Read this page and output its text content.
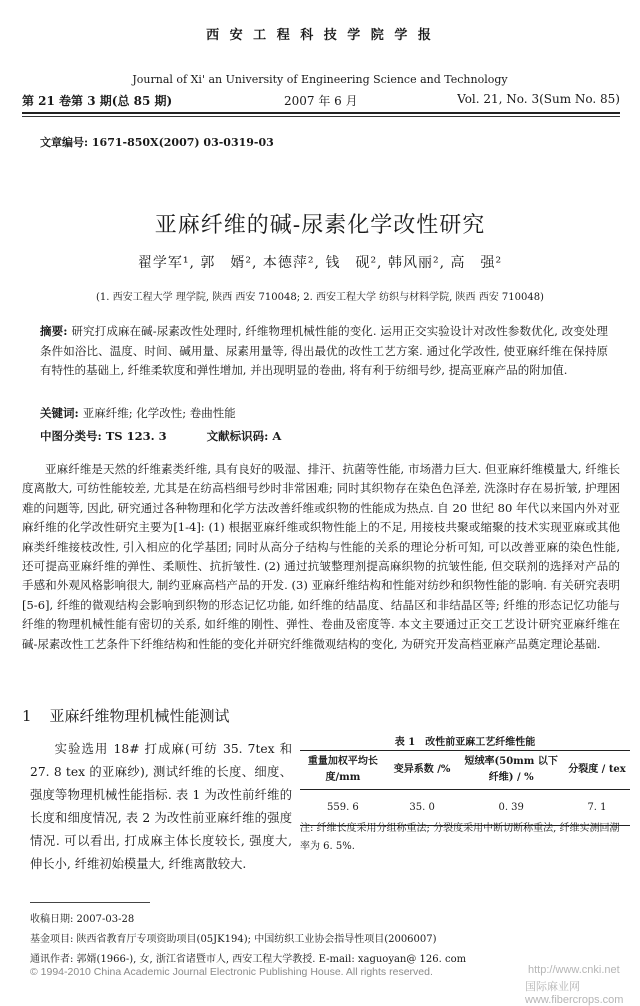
西 安 工 程 科 技 学 院 学 报
Journal of Xi' an University of Engineering Science and Technology
第 21 卷第 3 期(总 85 期)	2007 年 6 月	Vol. 21, No. 3(Sum No. 85)
文章编号: 1671-850X(2007) 03-0319-03
亚麻纤维的碱-尿素化学改性研究
翟学军¹, 郭　婿², 本德萍², 钱　砚², 韩风丽², 高　强²
(1. 西安工程大学 理学院, 陕西 西安 710048; 2. 西安工程大学 纺织与材料学院, 陕西 西安 710048)
摘要: 研究打成麻在碱-尿素改性处理时, 纤维物理机械性能的变化. 运用正交实验设计对改性参数优化, 改变处理条件如浴比、温度、时间、碱用量、尿素用量等, 得出最优的改性工艺方案. 通过化学改性, 使亚麻纤维在保持原有特性的基础上, 纤维柔软度和弹性增加, 并出现明显的卷曲, 将有利于纺细号纱, 提高亚麻产品的附加值.
关键词: 亚麻纤维; 化学改性; 卷曲性能
中图分类号: TS 123. 3	文献标识码: A
亚麻纤维是天然的纤维素类纤维, 具有良好的吸湿、排汗、抗菌等性能, 市场潜力巨大. 但亚麻纤维模量大, 纤维长度离散大, 可纺性能较差, 尤其是在纺高档细号纱时非常困难; 同时其织物存在染色色泽差, 洗涤时存在易折皱, 护理困难的问题等, 因此, 研究通过各种物理和化学方法改善纤维或织物的性能成为热点. 自 20 世纪 80 年代以来国内外对亚麻纤维的化学改性研究主要为[1-4]: (1) 根据亚麻纤维或织物性能上的不足, 用接枝共聚或缩聚的技术实现亚麻或其他麻类纤维接枝改性, 引入相应的化学基团; 同时从高分子结构与性能的关系的理论分析可知, 可以改善亚麻的染色性能, 还可提高亚麻纤维的弹性、柔顺性、抗折皱性. (2) 通过抗皱整理剂提高麻织物的抗皱性能, 但交联剂的选择对产品的手感和外观风格影响很大, 制约亚麻高档产品的开发. (3) 亚麻纤维结构和性能对纺纱和织物性能的影响. 有关研究表明[5-6], 纤维的微观结构会影响到织物的形态记忆功能, 如纤维的结晶度、结晶区和非结晶区等; 纤维的形态记忆功能与纤维的物理机械性能有密切的关系, 如纤维的刚性、弹性、卷曲及密度等. 本文主要通过正交工艺设计研究亚麻纤维在碱-尿素改性工艺条件下纤维结构和性能的变化并研究纤维微观结构的变化, 为研究开发高档亚麻产品奠定理论基础.
1 亚麻纤维物理机械性能测试
实验选用 18# 打成麻(可纺 35. 7tex 和 27. 8 tex 的亚麻纱), 测试纤维的长度、细度、强度等物理机械性能指标. 表 1 为改性前纤维的长度和细度情况, 表 2 为改性前亚麻纤维的强度情况. 可以看出, 打成麻主体长度较长, 强度大, 伸长小, 纤维初始模量大, 纤维离散较大.
表 1　改性前亚麻工艺纤维性能
重量加权平均长度/mm	变异系数 /%	短绒率(50mm 以下纤维) / %	分裂度 / tex
559. 6	35. 0	0. 39	7. 1
注: 纤维长度采用分组称重法; 分裂度采用中断切断称重法, 纤维实测回潮率为 6. 5%.
收稿日期: 2007-03-28
基金项目: 陕西省教育厅专项资助项目(05JK194); 中国纺织工业协会指导性项目(2006007)
通讯作者: 郭婿(1966-), 女, 浙江省诸暨市人, 西安工程大学教授. E-mail: xaguoyan@ 126. com
© 1994-2010 China Academic Journal Electronic Publishing House. All rights reserved.	http://www.cnki.net
国际麻业网 www.fibercrops.com
